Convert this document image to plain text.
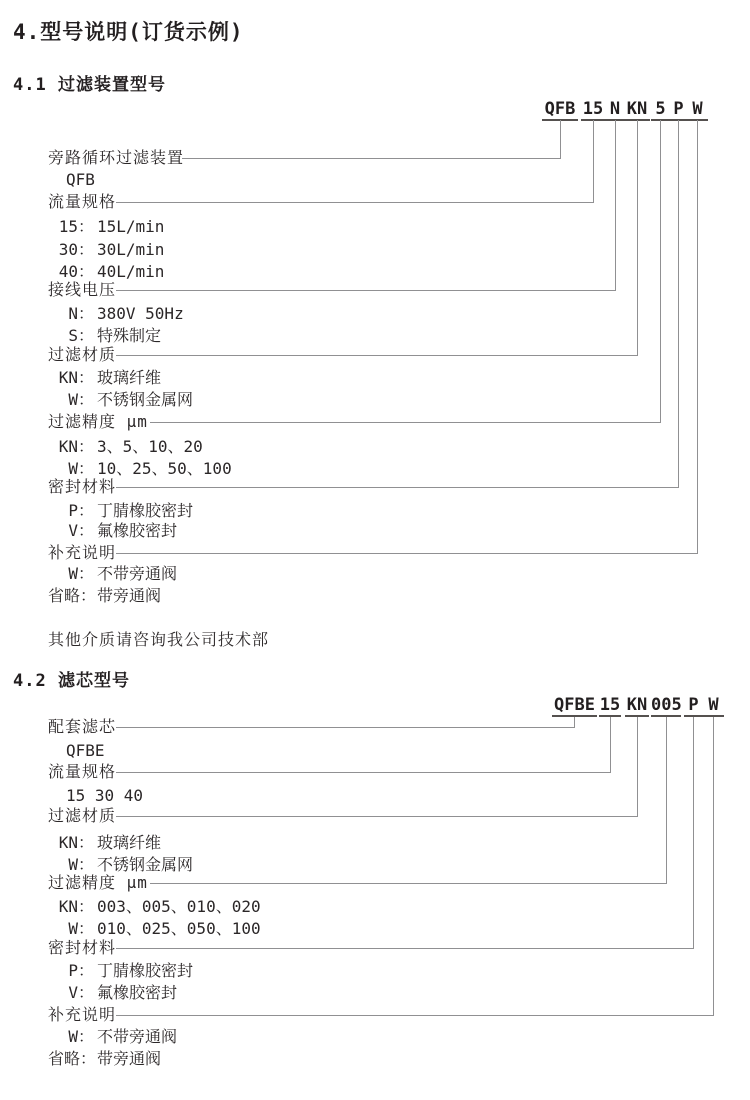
4.型号说明(订货示例)
4.1 过滤装置型号
QFB 15 N KN 5 P W
旁路循环过滤装置
QFB
流量规格
15： 15L/min
30： 30L/min
40： 40L/min
接线电压
N： 380V 50Hz
S： 特殊制定
过滤材质
KN： 玻璃纤维
W： 不锈钢金属网
过滤精度 μm
KN： 3、5、10、20
W： 10、25、50、100
密封材料
P： 丁腈橡胶密封
V： 氟橡胶密封
补充说明
W： 不带旁通阀
省略：带旁通阀
其他介质请咨询我公司技术部
4.2 滤芯型号
QFBE 15 KN 005 P W
配套滤芯
QFBE
流量规格
15 30 40
过滤材质
KN： 玻璃纤维
W： 不锈钢金属网
过滤精度 μm
KN： 003、005、010、020
W： 010、025、050、100
密封材料
P： 丁腈橡胶密封
V： 氟橡胶密封
补充说明
W： 不带旁通阀
省略：带旁通阀
